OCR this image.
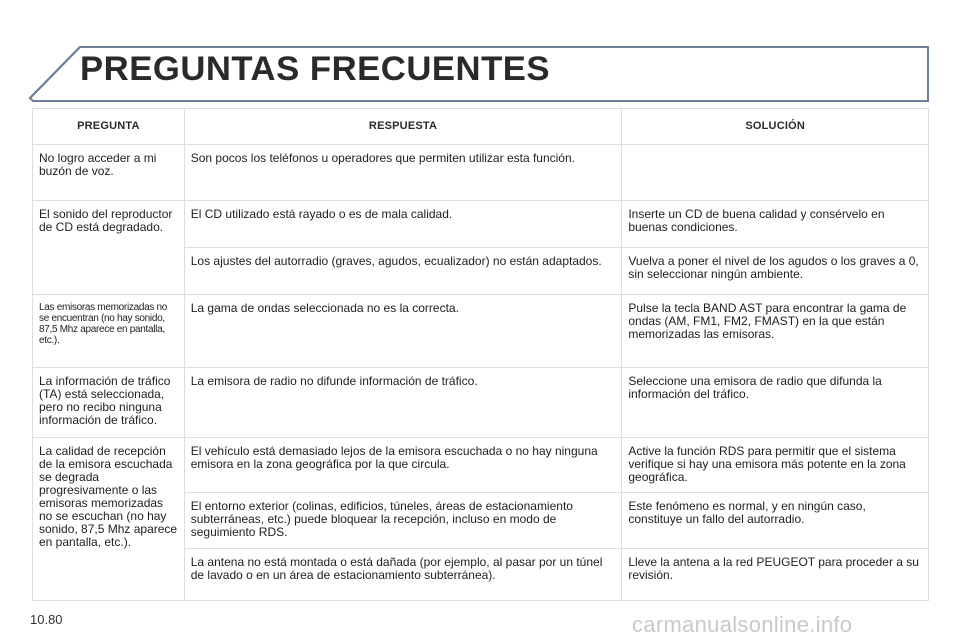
PREGUNTAS FRECUENTES
PREGUNTA	RESPUESTA	SOLUCIÓN
No logro acceder a mi buzón de voz.	Son pocos los teléfonos u operadores que permiten utilizar esta función.	
El sonido del reproductor de CD está degradado.	El CD utilizado está rayado o es de mala calidad.	Inserte un CD de buena calidad y consérvelo en buenas condiciones.
	Los ajustes del autorradio (graves, agudos, ecualizador) no están adaptados.	Vuelva a poner el nivel de los agudos o los graves a 0, sin seleccionar ningún ambiente.
Las emisoras memorizadas no se encuentran (no hay sonido, 87,5 Mhz aparece en pantalla, etc.).	La gama de ondas seleccionada no es la correcta.	Pulse la tecla BAND AST para encontrar la gama de ondas (AM, FM1, FM2, FMAST) en la que están memorizadas las emisoras.
La información de tráfico (TA) está seleccionada, pero no recibo ninguna información de tráfico.	La emisora de radio no difunde información de tráfico.	Seleccione una emisora de radio que difunda la información del tráfico.
La calidad de recepción de la emisora escuchada se degrada progresivamente o las emisoras memorizadas no se escuchan (no hay sonido, 87,5 Mhz aparece en pantalla, etc.).	El vehículo está demasiado lejos de la emisora escuchada o no hay ninguna emisora en la zona geográfica por la que circula.	Active la función RDS para permitir que el sistema verifique si hay una emisora más potente en la zona geográfica.
	El entorno exterior (colinas, edificios, túneles, áreas de estacionamiento subterráneas, etc.) puede bloquear la recepción, incluso en modo de seguimiento RDS.	Este fenómeno es normal, y en ningún caso, constituye un fallo del autorradio.
	La antena no está montada o está dañada (por ejemplo, al pasar por un túnel de lavado o en un área de estacionamiento subterránea).	Lleve la antena a la red PEUGEOT para proceder a su revisión.
10.80	carmanualsonline.info
